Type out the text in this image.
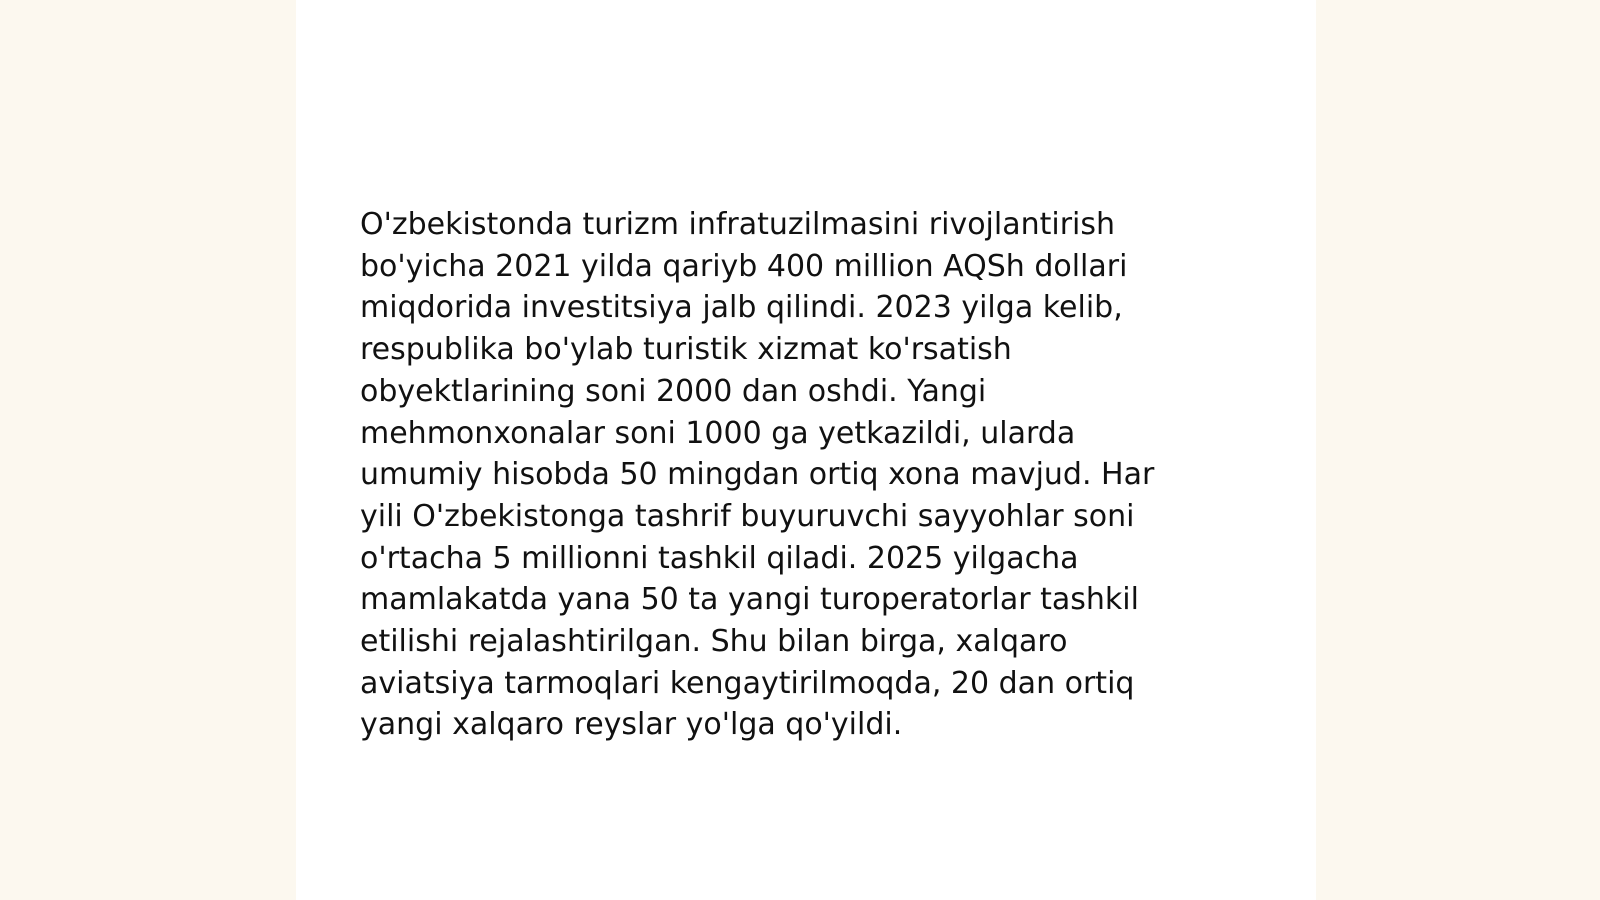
O'zbekistonda turizm infratuzilmasini rivojlantirish
bo'yicha 2021 yilda qariyb 400 million AQSh dollari
miqdorida investitsiya jalb qilindi. 2023 yilga kelib,
respublika bo'ylab turistik xizmat ko'rsatish
obyektlarining soni 2000 dan oshdi. Yangi
mehmonxonalar soni 1000 ga yetkazildi, ularda
umumiy hisobda 50 mingdan ortiq xona mavjud. Har
yili O'zbekistonga tashrif buyuruvchi sayyohlar soni
o'rtacha 5 millionni tashkil qiladi. 2025 yilgacha
mamlakatda yana 50 ta yangi turoperatorlar tashkil
etilishi rejalashtirilgan. Shu bilan birga, xalqaro
aviatsiya tarmoqlari kengaytirilmoqda, 20 dan ortiq
yangi xalqaro reyslar yo'lga qo'yildi.
